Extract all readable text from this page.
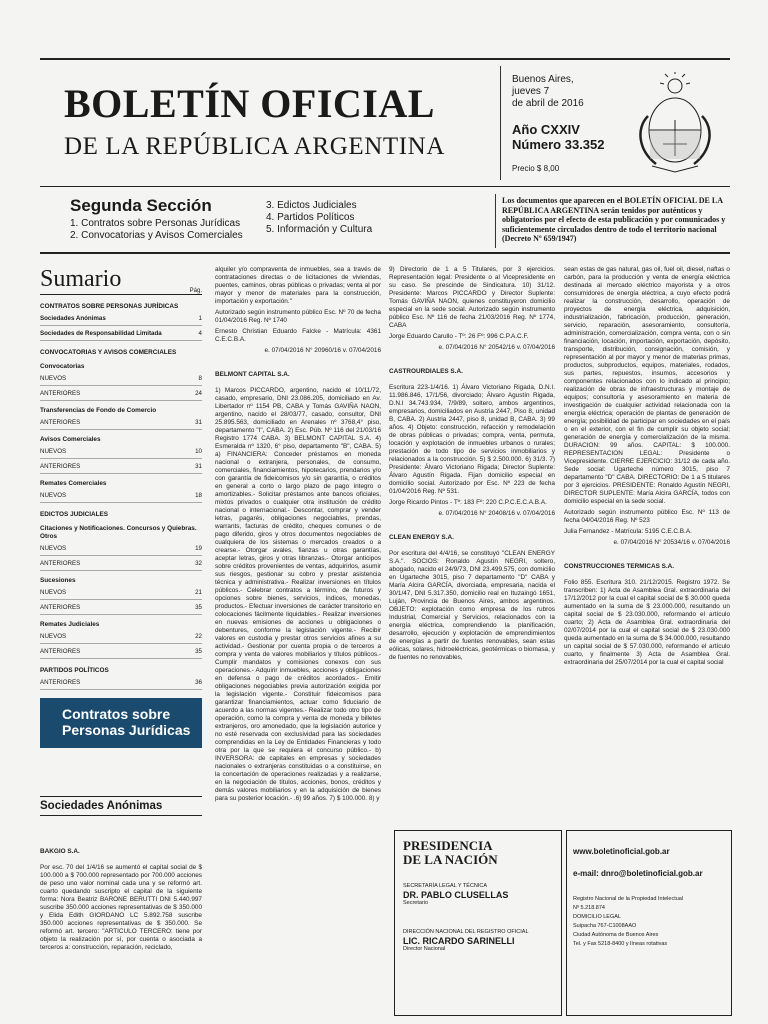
BOLETÍN OFICIAL
DE LA REPÚBLICA ARGENTINA
Buenos Aires,
jueves 7
de abril de 2016
Año CXXIV
Número 33.352
Precio $ 8,00
Segunda Sección
1. Contratos sobre Personas Jurídicas
2. Convocatorias y Avisos Comerciales
3. Edictos Judiciales
4. Partidos Políticos
5. Información y Cultura
Los documentos que aparecen en el BOLETÍN OFICIAL DE LA REPÚBLICA ARGENTINA serán tenidos por auténticos y obligatorios por el efecto de esta publicación y por comunicados y suficientemente circulados dentro de todo el territorio nacional (Decreto Nº 659/1947)
Sumario	Pág.
CONTRATOS SOBRE PERSONAS JURÍDICAS
Sociedades Anónimas	1
Sociedades de Responsabilidad Limitada	4
CONVOCATORIAS Y AVISOS COMERCIALES
Convocatorias
NUEVOS	8
ANTERIORES	24
Transferencias de Fondo de Comercio
ANTERIORES	31
Avisos Comerciales
NUEVOS	10
ANTERIORES	31
Remates Comerciales
NUEVOS	18
EDICTOS JUDICIALES
Citaciones y Notificaciones. Concursos y Quiebras. Otros
NUEVOS	19
ANTERIORES	32
Sucesiones
NUEVOS	21
ANTERIORES	35
Remates Judiciales
NUEVOS	22
ANTERIORES	35
PARTIDOS POLÍTICOS
ANTERIORES	36
Contratos sobre
Personas Jurídicas
Sociedades Anónimas
BAKGIO S.A.

Por esc. 70 del 1/4/16 se aumentó el capital social de $ 100.000 a $ 700.000 representado por 700.000 acciones de peso uno valor nominal cada una y se reformó art. cuarto quedando suscripto el capital de la siguiente forma: Nora Beatriz BARONE BERUTTI DNI 5.440.997 suscribe 350.000 acciones representativas de $ 350.000 y Elida Edith GIORDANO LC 5.892.758 suscribe 350.000 acciones representativas de $ 350.000. Se reformó art. tercero: "ARTICULO TERCERO: tiene por objeto la realización por sí, por cuenta o asociada a terceros a: construcción, reparación, reciclado,

alquiler y/o compraventa de inmuebles, sea a través de contrataciones directas o de licitaciones de viviendas, puentes, caminos, obras públicas o privadas; venta al por mayor y menor de materiales para la construcción, importación y exportación."

Autorizado según instrumento público Esc. Nº 70 de fecha 01/04/2016 Reg. Nº 1740

Ernesto Christian Eduardo Falcke - Matrícula: 4361 C.E.C.B.A.

e. 07/04/2016 N° 20960/16 v. 07/04/2016
BELMONT CAPITAL S.A.

1) Marcos PICCARDO, argentino, nacido el 10/11/72, casado, empresario, DNI 23.086.205, domiciliado en Av. Libertador nº 1154 PB, CABA y Tomás GAVIÑA NAON, argentino, nacido el 28/03/77, casado, consultor, DNI 25.895.563, domiciliado en Arenales nº 3768,4° piso, departamento "I", CABA. 2) Esc. Púb. Nº 116 del 21/03/16 Registro 1774 CABA. 3) BELMONT CAPITAL S.A. 4) Esmeralda nº 1320, 6° piso, departamento "B", CABA. 5) a) FINANCIERA: Conceder préstamos en moneda nacional o extranjera, personales, de consumo, comerciales, financiamientos, hipotecarios, prendarios y/o con garantía de fideicomisos y/o sin garantía, o créditos en general a corto o largo plazo de pago íntegro o amortizables.- Solicitar préstamos ante bancos oficiales, mixtos privados o cualquier otra institución de crédito nacional o internacional.- Descontar, comprar y vender letras, pagarés, obligaciones negociables, prendas, warrants, facturas de crédito, cheques comunes o de pago diferido, giros y otros documentos negociables de cualquiera de los sistemas o mercados creados o a crearse.- Otorgar avales, fianzas u otras garantías, aceptar letras, giros y otras libranzas.- Otorgar anticipos sobre créditos provenientes de ventas, adquirirlos, asumir sus riesgos, gestionar su cobro y prestar asistencia técnica y administrativa.- Realizar inversiones en títulos públicos.- Celebrar contratos a término, de futuros y opciones sobre bienes, servicios, índices, monedas, productos.- Efectuar inversiones de carácter transitorio en colocaciones fácilmente liquidables.- Realizar inversiones en nuevas emisiones de acciones u obligaciones o debentures, conforme la legislación vigente.- Recibir valores en custodia y prestar otros servicios afines a su actividad.- Gestionar por cuenta propia o de terceros a compra y venta de valores mobiliarios y títulos públicos.- Cumplir mandatos y comisiones conexos con sus operaciones.- Adquirir inmuebles, acciones y obligaciones en defensa o pago de créditos acordados.- Emitir obligaciones negociables previa autorización exigida por la legislación vigente.- Constituir fideicomisos para garantizar financiamientos, actuar como fiduciario de acuerdo a las normas vigentes.- Realizar todo otro tipo de operación, como la compra y venta de moneda y billetes extranjeros, oro amonedado, que la legislación autorice y no esté reservada con exclusividad para las sociedades comprendidas en la Ley de Entidades Financieras y todo otra por la que se requiera el concurso público.- b) INVERSORA: de capitales en empresas y sociedades nacionales o extranjeras constituidas o a constituirse, en la concertación de operaciones realizadas y a realizarse, en la negociación de títulos, acciones, bonos, créditos y demás valores mobiliarios y en la adquisición de bienes para su posterior locación.- .6) 99 años. 7) $ 100.000. 8) y

9) Directorio de 1 a 5 Titulares, por 3 ejercicios. Representación legal: Presidente o al Vicepresidente en su caso. Se prescinde de Sindicatura. 10) 31/12. Presidente: Marcos PICCARDO y Director Suplente: Tomás GAVIÑA NAON, quienes constituyeron domicilio especial en la sede social. Autorizado según instrumento público Esc. Nº 116 de fecha 21/03/2016 Reg. Nº 1774, CABA

Jorge Eduardo Carullo - Tº: 26 Fº: 996 C.P.A.C.F.

e. 07/04/2016 N° 20542/16 v. 07/04/2016
CASTROURDIALES S.A.

Escritura 223-1/4/16. 1) Álvaro Victoriano Rigada, D.N.I. 11.986.846, 17/1/56, divorciado; Álvaro Agustín Rigada, D.N.I 34.743.934, 7/9/89, soltero, ambos argentinos, empresarios, domiciliados en Austria 2447, Piso 8, unidad B, CABA. 2) Austria 2447, piso 8, unidad B, CABA. 3) 99 años. 4) Objeto: construcción, refacción y remodelación de obras públicas o privadas; compra, venta, permuta, locación y explotación de inmuebles urbanos o rurales; prestación de todo tipo de servicios inmobiliarios y relacionados a la construcción. 5) $ 2.500.000. 6) 31/3. 7) Presidente: Álvaro Victoriano Rigada; Director Suplente: Álvaro Agustín Rigada. Fijan domicilio especial en domicilio social. Autorizado por Esc. Nº 223 de fecha 01/04/2016 Reg. Nº 531.

Jorge Ricardo Pintos - Tº: 183 Fº: 220 C.P.C.E.C.A.B.A.

e. 07/04/2016 N° 20408/16 v. 07/04/2016
CLEAN ENERGY S.A.

Por escritura del 4/4/16, se constituyó "CLEAN ENERGY S.A.". SOCIOS: Ronaldo Agustín NEGRI, soltero, abogado, nacido el 24/9/73, DNI 23.499.575, con domicilio en Ugarteche 3015, piso 7 departamento "D" CABA y María Alcira GARCÍA, divorciada, empresaria, nacida el 30/1/47, DNI 5.317.350, domicilio real en Ituzaingó 1651, Luján, Provincia de Buenos Aires, ambos argentinos. OBJETO: explotación como empresa de los rubros Industrial, Comercial y Servicios, relacionados con la energía eléctrica, comprendiendo la planificación, desarrollo, ejecución y explotación de emprendimientos de energías a partir de fuentes renovables, sean estas eólicas, solares, hidroeléctricas, geotérmicas o biomasa, y de fuentes no renovables,

sean estas de gas natural, gas oil, fuel oil, diesel, naftas o carbón, para la producción y venta de energía eléctrica destinada al mercado eléctrico mayorista y a otros consumidores de energía eléctrica, a cuyo efecto podrá realizar la construcción, desarrollo, operación de proyectos de energía eléctrica, adquisición, industrialización, fabricación, producción, generación, servicio, reparación, asesoramiento, consultoría, administración, comercialización, compra venta, con o sin financiación, locación, importación, exportación, depósito, transporte, distribución, consignación, comisión, y representación al por mayor y menor de materias primas, productos, subproductos, equipos, materiales, rodados, sus partes, repuestos, insumos, accesorios y componentes relacionados con lo indicado al principio; realización de obras de infraestructuras y montaje de equipos; consultoría y asesoramiento en materia de investigación de cualquier actividad relacionada con la energía eléctrica; operación de plantas de generación de energía; posibilidad de participar en sociedades en el país o en el exterior, con el fin de cumplir su objeto social; generación de energía y comercialización de la misma. DURACION: 99 años. CAPITAL: $ 100.000. REPRESENTACION LEGAL: Presidente o Vicepresidente. CIERRE EJERCICIO: 31/12 de cada año. Sede social: Ugarteche número 3015, piso 7 departamento "D" CABA. DIRECTORIO: De 1 a 5 titulares por 3 ejercicios. PRESIDENTE: Ronaldo Agustín NEGRI, DIRECTOR SUPLENTE: María Alcira GARCÍA, todos con domicilio especial en la sede social.

Autorizado según instrumento público Esc. Nº 113 de fecha 04/04/2016 Reg. Nº 523

Julia Fernandez - Matrícula: 5195 C.E.C.B.A.

e. 07/04/2016 N° 20534/16 v. 07/04/2016
CONSTRUCCIONES TERMICAS S.A.

Folio 855. Escritura 310. 21/12/2015. Registro 1972. Se transcriben: 1) Acta de Asamblea Gral. extraordinaria del 17/12/2012 por la cual el capital social de $ 30.000 queda aumentado en la suma de $ 23.000.000, resultando un capital social de $ 23.030.000, reformando el artículo cuarto; 2) Acta de Asamblea Gral. extraordinaria del 02/07/2014 por la cual el capital social de $ 23.030.000 queda aumentado en la suma de $ 34.000.000, resultando un capital social de $ 57.030.000, reformando el artículo cuarto, y finalmente 3) Acta de Asamblea Gral. extraordinaria del 25/07/2014 por la cual el capital social

PRESIDENCIA
DE LA NACIÓN
SECRETARÍA LEGAL Y TÉCNICA
DR. PABLO CLUSELLAS
Secretario
DIRECCIÓN NACIONAL DEL REGISTRO OFICIAL
LIC. RICARDO SARINELLI
Director Nacional
www.boletinoficial.gob.ar
e-mail: dnro@boletinoficial.gob.ar
Registro Nacional de la Propiedad Intelectual
Nº 5.218.874
DOMICILIO LEGAL
Suipacha 767-C1008AAO
Ciudad Autónoma de Buenos Aires
Tel. y Fax 5218-8400 y líneas rotativas
